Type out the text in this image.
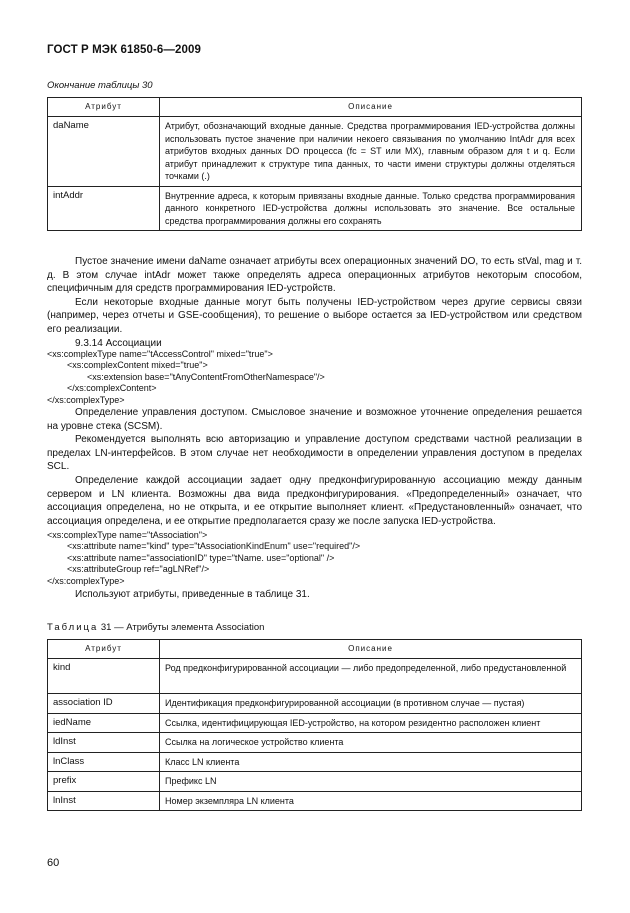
ГОСТ Р МЭК 61850-6—2009
Окончание таблицы 30
Атрибут	Описание
daName	Атрибут, обозначающий входные данные. Средства программирования IED-устройства должны использовать пустое значение при наличии некоего связывания по умолчанию IntAdr для всех атрибутов входных данных DO процесса (fc = ST или МХ), главным образом для t и q. Если атрибут принадлежит к структуре типа данных, то части имени структуры должны отделяться точками (.)
intAddr	Внутренние адреса, к которым привязаны входные данные. Только средства программирования данного конкретного IED-устройства должны использовать это значение. Все остальные средства программирования должны его сохранять

Пустое значение имени daName означает атрибуты всех операционных значений DO, то есть stVal, mag и т. д. В этом случае intAdr может также определять адреса операционных атрибутов некоторым способом, специфичным для средств программирования IED-устройств.

Если некоторые входные данные могут быть получены IED-устройством через другие сервисы связи (например, через отчеты и GSE-сообщения), то решение о выборе остается за IED-устройством или средством его реализации.

9.3.14 Ассоциации

<xs:complexType name="tAccessControl" mixed="true">
<xs:complexContent mixed="true">
<xs:extension base="tAnyContentFromOtherNamespace"/>
</xs:complexContent>
</xs:complexType>

Определение управления доступом. Смысловое значение и возможное уточнение определения решается на уровне стека (SCSM).

Рекомендуется выполнять всю авторизацию и управление доступом средствами частной реализации в пределах LN-интерфейсов. В этом случае нет необходимости в определении управления доступом в пределах SCL.

Определение каждой ассоциации задает одну предконфигурированную ассоциацию между данным сервером и LN клиента. Возможны два вида предконфигурирования. «Предопределенный» означает, что ассоциация определена, но не открыта, и ее открытие выполняет клиент. «Предустановленный» означает, что ассоциация определена, и ее открытие предполагается сразу же после запуска IED-устройства.

<xs:complexType name="tAssociation">
<xs:attribute name="kind" type="tAssociationKindEnum" use="required"/>
<xs:attribute name="associationID" type="tName. use="optional" />
<xs:attributeGroup ref="agLNRef"/>
</xs:complexType>

Используют атрибуты, приведенные в таблице 31.

Таблица 31 — Атрибуты элемента Association
Атрибут	Описание
kind	Род предконфигурированной ассоциации — либо предопределенной, либо предустановленной
association ID	Идентификация предконфигурированной ассоциации (в противном случае — пустая)
iedName	Ссылка, идентифицирующая IED-устройство, на котором резидентно расположен клиент
ldInst	Ссылка на логическое устройство клиента
lnClass	Класс LN клиента
prefix	Префикс LN
lnInst	Номер экземпляра LN клиента
60
